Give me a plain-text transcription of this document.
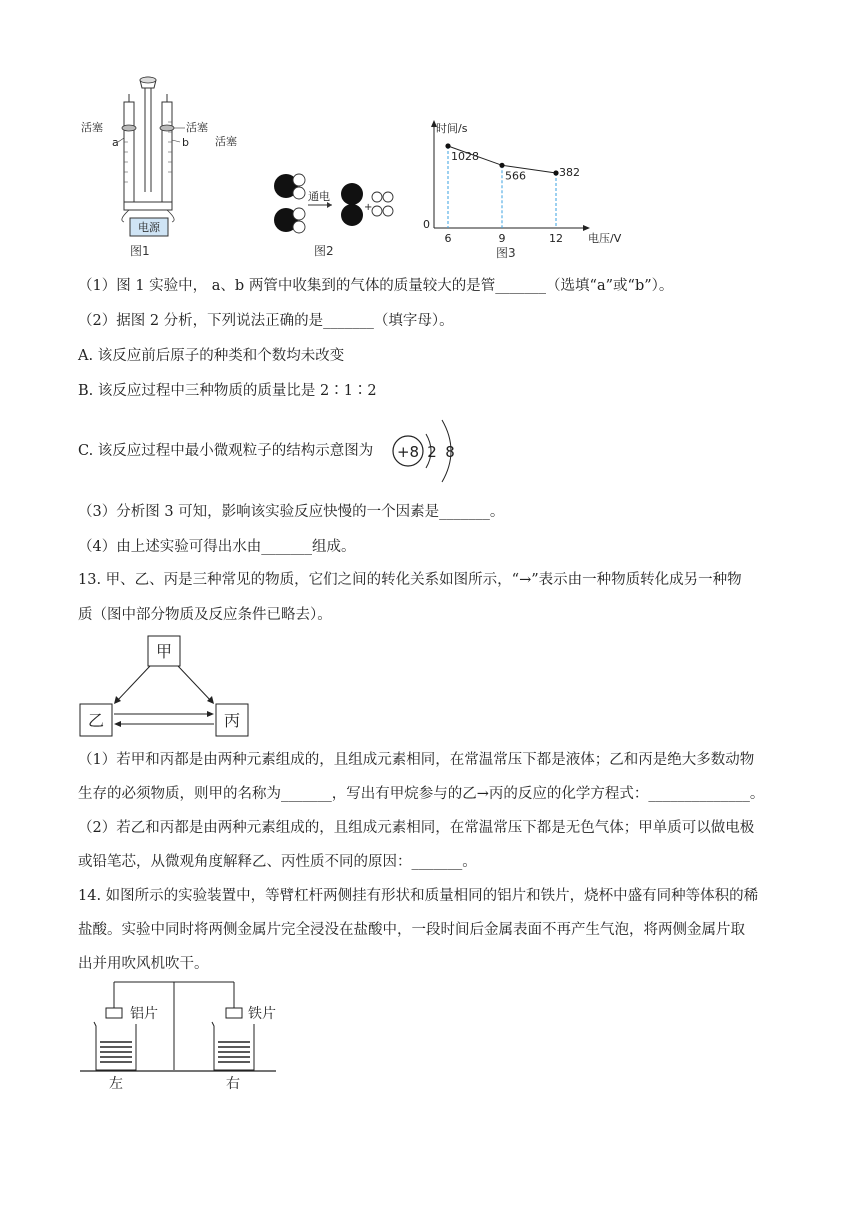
电源
活塞
a
活塞
b 活塞
图1
通电
+
图2
时间/s
电压/V
0
1028
6
566
9
382
12
图3
（1）图 1 实验中， a、b 两管中收集到的气体的质量较大的是管_______（选填“a”或“b”）。
（2）据图 2 分析，下列说法正确的是_______（填字母）。
A. 该反应前后原子的种类和个数均未改变
B. 该反应过程中三种物质的质量比是 2∶1∶2
C. 该反应过程中最小微观粒子的结构示意图为 +8 2 8
（3）分析图 3 可知，影响该实验反应快慢的一个因素是_______。
（4）由上述实验可得出水由_______组成。
13. 甲、乙、丙是三种常见的物质，它们之间的转化关系如图所示，“→”表示由一种物质转化成另一种物
质（图中部分物质及反应条件已略去）。
甲
乙	丙
（1）若甲和丙都是由两种元素组成的，且组成元素相同，在常温常压下都是液体；乙和丙是绝大多数动物
生存的必须物质，则甲的名称为_______，写出有甲烷参与的乙→丙的反应的化学方程式：______________。
（2）若乙和丙都是由两种元素组成的，且组成元素相同，在常温常压下都是无色气体；甲单质可以做电极
或铅笔芯，从微观角度解释乙、丙性质不同的原因：_______。
14. 如图所示的实验装置中，等臂杠杆两侧挂有形状和质量相同的铝片和铁片，烧杯中盛有同种等体积的稀
盐酸。实验中同时将两侧金属片完全浸没在盐酸中，一段时间后金属表面不再产生气泡，将两侧金属片取
出并用吹风机吹干。
铝片	铁片
左	右
